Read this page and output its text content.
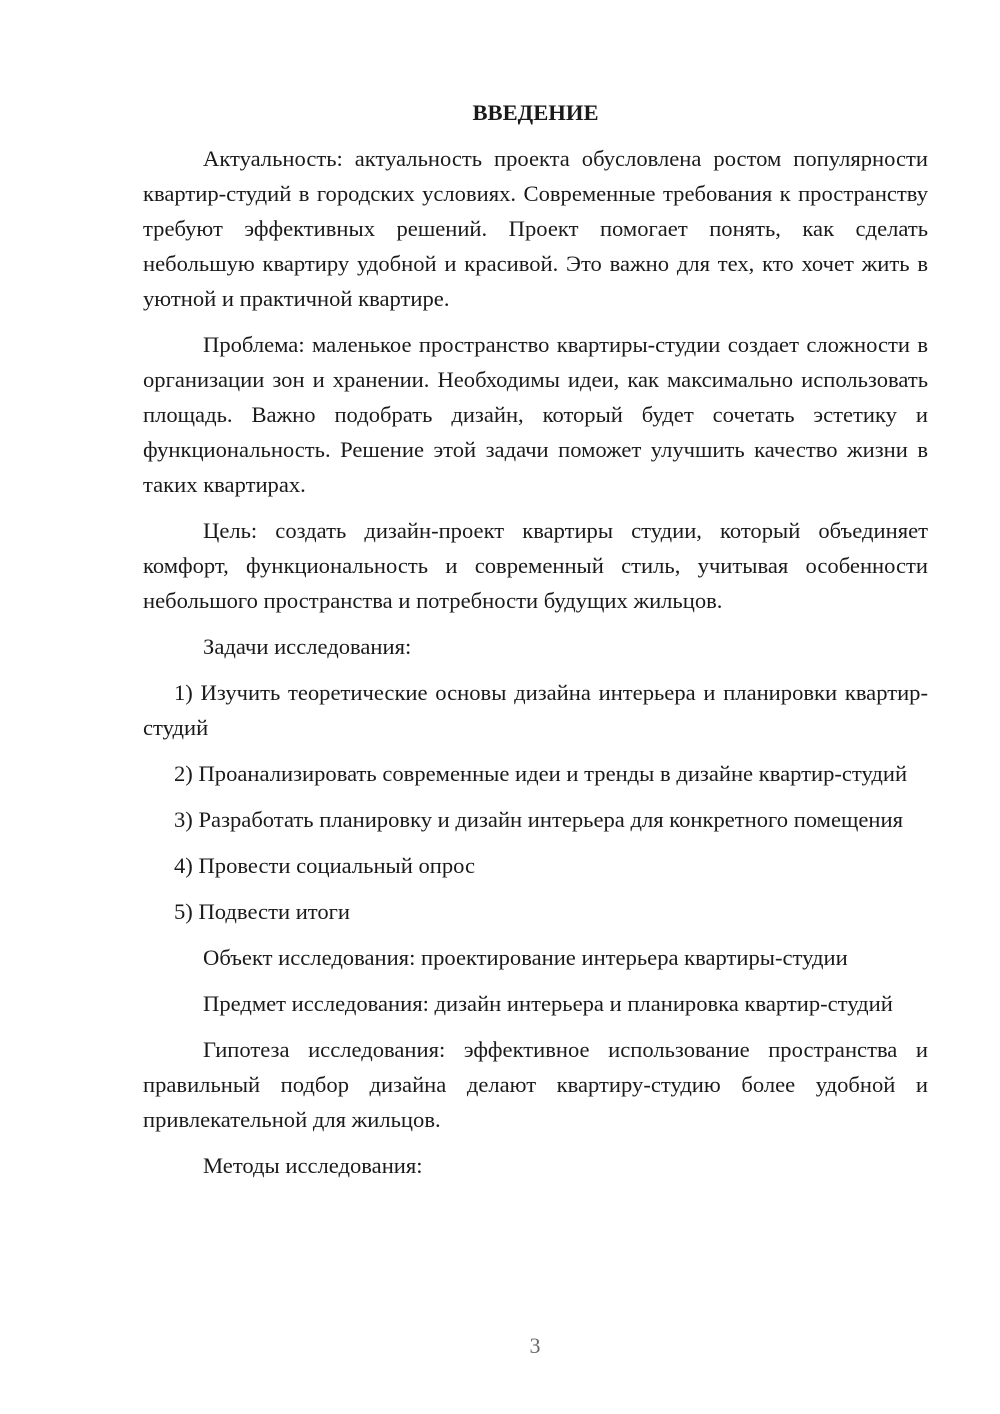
ВВЕДЕНИЕ

Актуальность: актуальность проекта обусловлена ростом популярности квартир-студий в городских условиях. Современные требования к пространству требуют эффективных решений. Проект помогает понять, как сделать небольшую квартиру удобной и красивой. Это важно для тех, кто хочет жить в уютной и практичной квартире.

Проблема: маленькое пространство квартиры-студии создает сложности в организации зон и хранении. Необходимы идеи, как максимально использовать площадь. Важно подобрать дизайн, который будет сочетать эстетику и функциональность. Решение этой задачи поможет улучшить качество жизни в таких квартирах.

Цель: создать дизайн-проект квартиры студии, который объединяет комфорт, функциональность и современный стиль, учитывая особенности небольшого пространства и потребности будущих жильцов.

Задачи исследования:

1) Изучить теоретические основы дизайна интерьера и планировки квартир-студий

2) Проанализировать современные идеи и тренды в дизайне квартир-студий

3) Разработать планировку и дизайн интерьера для конкретного помещения

4) Провести социальный опрос

5) Подвести итоги

Объект исследования: проектирование интерьера квартиры-студии

Предмет исследования: дизайн интерьера и планировка квартир-студий

Гипотеза исследования: эффективное использование пространства и правильный подбор дизайна делают квартиру-студию более удобной и привлекательной для жильцов.

Методы исследования:

3
